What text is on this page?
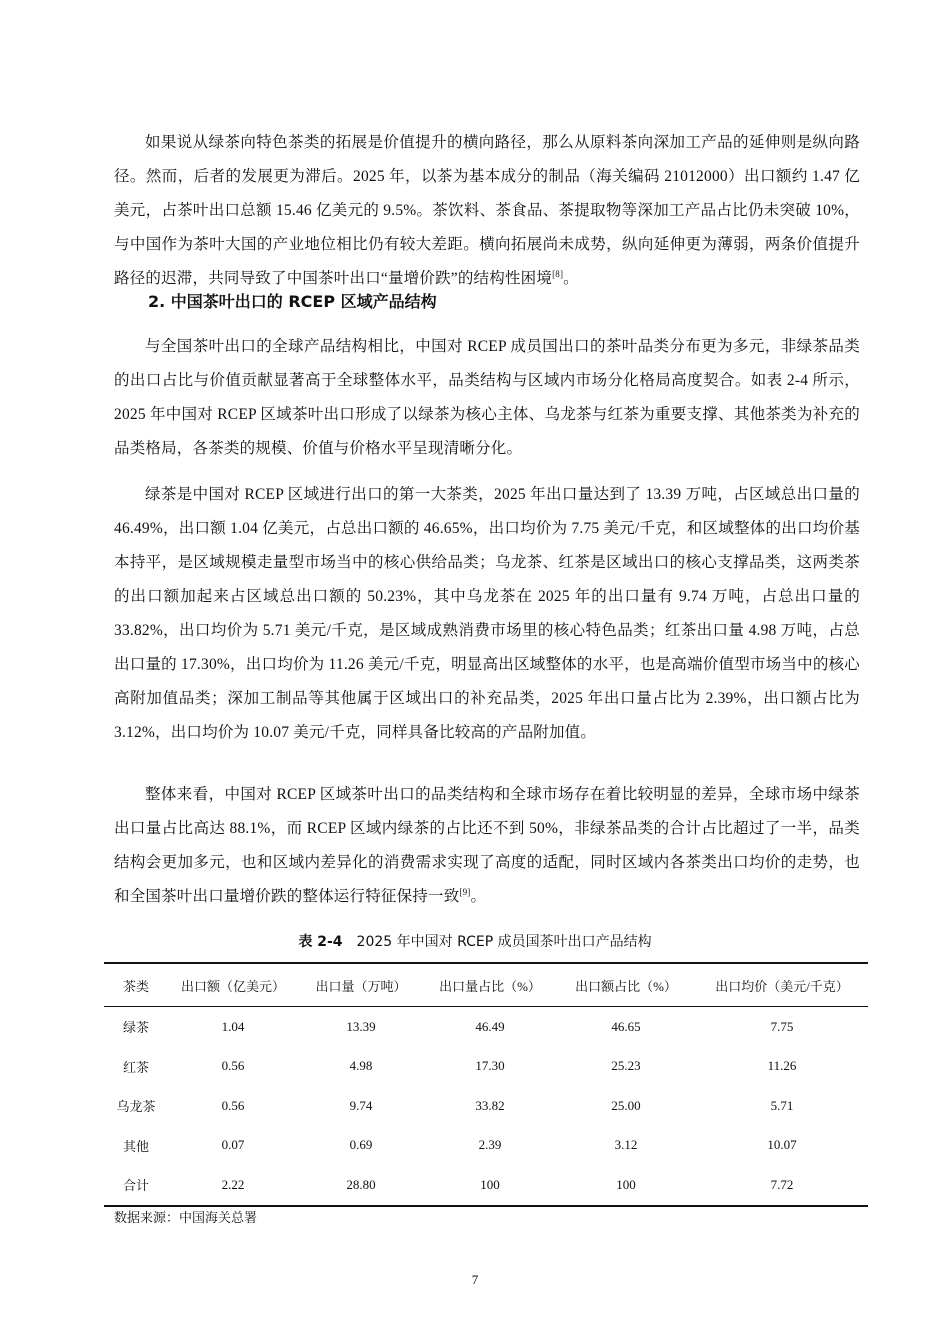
如果说从绿茶向特色茶类的拓展是价值提升的横向路径，那么从原料茶向深加工产品的延伸则是纵向路径。然而，后者的发展更为滞后。2025 年，以茶为基本成分的制品（海关编码 21012000）出口额约 1.47 亿美元，占茶叶出口总额 15.46 亿美元的 9.5%。茶饮料、茶食品、茶提取物等深加工产品占比仍未突破 10%，与中国作为茶叶大国的产业地位相比仍有较大差距。横向拓展尚未成势，纵向延伸更为薄弱，两条价值提升路径的迟滞，共同导致了中国茶叶出口“量增价跌”的结构性困境[8]。

2. 中国茶叶出口的 RCEP 区域产品结构

与全国茶叶出口的全球产品结构相比，中国对 RCEP 成员国出口的茶叶品类分布更为多元，非绿茶品类的出口占比与价值贡献显著高于全球整体水平，品类结构与区域内市场分化格局高度契合。如表 2-4 所示，2025 年中国对 RCEP 区域茶叶出口形成了以绿茶为核心主体、乌龙茶与红茶为重要支撑、其他茶类为补充的品类格局，各茶类的规模、价值与价格水平呈现清晰分化。

绿茶是中国对 RCEP 区域进行出口的第一大茶类，2025 年出口量达到了 13.39 万吨，占区域总出口量的 46.49%，出口额 1.04 亿美元，占总出口额的 46.65%，出口均价为 7.75 美元/千克，和区域整体的出口均价基本持平，是区域规模走量型市场当中的核心供给品类；乌龙茶、红茶是区域出口的核心支撑品类，这两类茶的出口额加起来占区域总出口额的 50.23%，其中乌龙茶在 2025 年的出口量有 9.74 万吨，占总出口量的 33.82%，出口均价为 5.71 美元/千克，是区域成熟消费市场里的核心特色品类；红茶出口量 4.98 万吨，占总出口量的 17.30%，出口均价为 11.26 美元/千克，明显高出区域整体的水平，也是高端价值型市场当中的核心高附加值品类；深加工制品等其他属于区域出口的补充品类，2025 年出口量占比为 2.39%，出口额占比为 3.12%，出口均价为 10.07 美元/千克，同样具备比较高的产品附加值。

整体来看，中国对 RCEP 区域茶叶出口的品类结构和全球市场存在着比较明显的差异，全球市场中绿茶出口量占比高达 88.1%，而 RCEP 区域内绿茶的占比还不到 50%，非绿茶品类的合计占比超过了一半，品类结构会更加多元，也和区域内差异化的消费需求实现了高度的适配，同时区域内各茶类出口均价的走势，也和全国茶叶出口量增价跌的整体运行特征保持一致[9]。

表 2-4 2025 年中国对 RCEP 成员国茶叶出口产品结构
茶类	出口额（亿美元）	出口量（万吨）	出口量占比（%）	出口额占比（%）	出口均价（美元/千克）
绿茶	1.04	13.39	46.49	46.65	7.75
红茶	0.56	4.98	17.30	25.23	11.26
乌龙茶	0.56	9.74	33.82	25.00	5.71
其他	0.07	0.69	2.39	3.12	10.07
合计	2.22	28.80	100	100	7.72
数据来源：中国海关总署
7
